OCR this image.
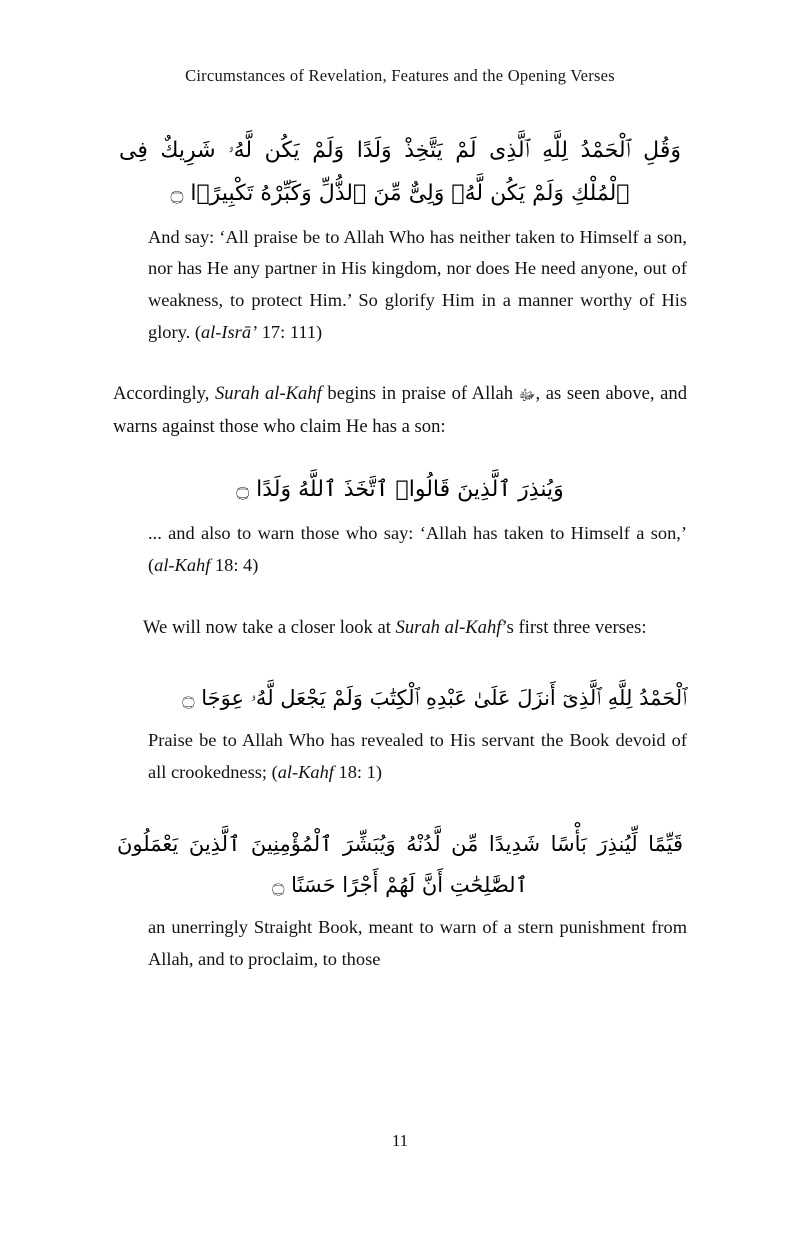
Circumstances of Revelation, Features and the Opening Verses
وَقُلِ ٱلْحَمْدُ لِلَّهِ ٱلَّذِى لَمْ يَتَّخِذْ وَلَدًا وَلَمْ يَكُن لَّهُۥ شَرِيكٌ فِى
ٱلْمُلْكِ وَلَمْ يَكُن لَّهُۥ وَلِىٌّ مِّنَ ٱلذُّلِّ وَكَبِّرْهُ تَكْبِيرًۢا ۝

And say: ‘All praise be to Allah Who has neither taken to Himself a son, nor has He any partner in His kingdom, nor does He need anyone, out of weakness, to protect Him.’ So glorify Him in a manner worthy of His glory. (al-Isrā’ 17: 111)

Accordingly, Surah al-Kahf begins in praise of Allah ﷻ, as seen above, and warns against those who claim He has a son:

وَيُنذِرَ ٱلَّذِينَ قَالُوا۟ ٱتَّخَذَ ٱللَّهُ وَلَدًا ۝

... and also to warn those who say: ‘Allah has taken to Himself a son,’ (al-Kahf 18: 4)

We will now take a closer look at Surah al-Kahf’s first three verses:

ٱلْحَمْدُ لِلَّهِ ٱلَّذِىٓ أَنزَلَ عَلَىٰ عَبْدِهِ ٱلْكِتَٰبَ وَلَمْ يَجْعَل لَّهُۥ عِوَجَا ۝

Praise be to Allah Who has revealed to His servant the Book devoid of all crookedness; (al-Kahf 18: 1)

قَيِّمًا لِّيُنذِرَ بَأْسًا شَدِيدًا مِّن لَّدُنْهُ وَيُبَشِّرَ ٱلْمُؤْمِنِينَ ٱلَّذِينَ يَعْمَلُونَ
ٱلصَّٰلِحَٰتِ أَنَّ لَهُمْ أَجْرًا حَسَنًا ۝

an unerringly Straight Book, meant to warn of a stern punishment from Allah, and to proclaim, to those

11
